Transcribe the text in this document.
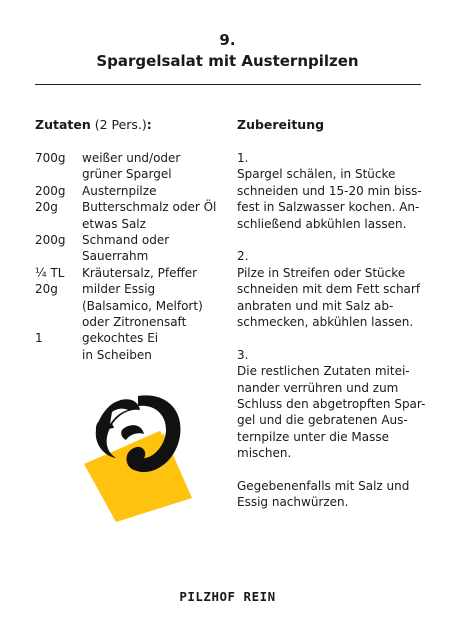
9.
Spargelsalat mit Austernpilzen
Zutaten (2 Pers.):	Zubereitung
700g	weißer und/oder
grüner Spargel
200g	Austernpilze
20g	Butterschmalz oder Öl
etwas Salz
200g	Schmand oder
Sauerrahm
¼ TL	Kräutersalz, Pfeffer
20g	milder Essig
(Balsamico, Melfort)
oder Zitronensaft
1	gekochtes Ei
in Scheiben
1.
Spargel schälen, in Stücke
schneiden und 15-20 min biss-
fest in Salzwasser kochen. An-
schließend abkühlen lassen.
2.
Pilze in Streifen oder Stücke
schneiden mit dem Fett scharf
anbraten und mit Salz ab-
schmecken, abkühlen lassen.
3.
Die restlichen Zutaten mitei-
nander verrühren und zum
Schluss den abgetropften Spar-
gel und die gebratenen Aus-
ternpilze unter die Masse
mischen.
Gegebenenfalls mit Salz und
Essig nachwürzen.
PILZHOF REIN
